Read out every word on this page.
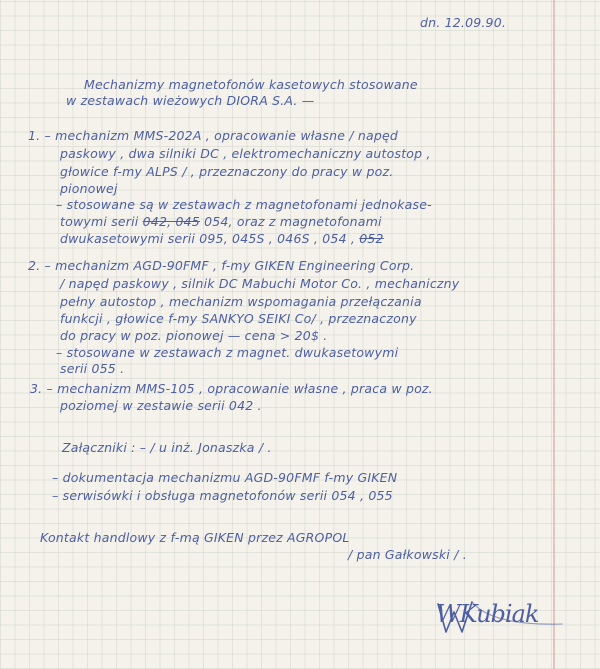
dn. 12.09.90.

Mechanizmy magnetofonów kasetowych stosowane

w zestawach wieżowych DIORA S.A. —

1. – mechanizm MMS-202A , opracowanie własne / napęd

paskowy , dwa silniki DC , elektromechaniczny autostop ,

głowice f-my ALPS / , przeznaczony do pracy w poz.

pionowej

– stosowane są w zestawach z magnetofonami jednokase-

towymi serii 042, 045 054, oraz z magnetofonami

dwukasetowymi serii 095, 045S , 046S , 054 , 052

2. – mechanizm AGD-90FMF , f-my GIKEN Engineering Corp.

/ napęd paskowy , silnik DC Mabuchi Motor Co. , mechaniczny

pełny autostop , mechanizm wspomagania przełączania

funkcji , głowice f-my SANKYO SEIKI Co/ , przeznaczony

do pracy w poz. pionowej — cena > 20$ .

– stosowane w zestawach z magnet. dwukasetowymi

serii 055 .

3. – mechanizm MMS-105 , opracowanie własne , praca w poz.

poziomej w zestawie serii 042 .

Załączniki : – / u inż. Jonaszka / .

– dokumentacja mechanizmu AGD-90FMF f-my GIKEN

– serwisówki i obsługa magnetofonów serii 054 , 055

Kontakt handlowy z f-mą GIKEN przez AGROPOL

/ pan Gałkowski / .

WKubiak
